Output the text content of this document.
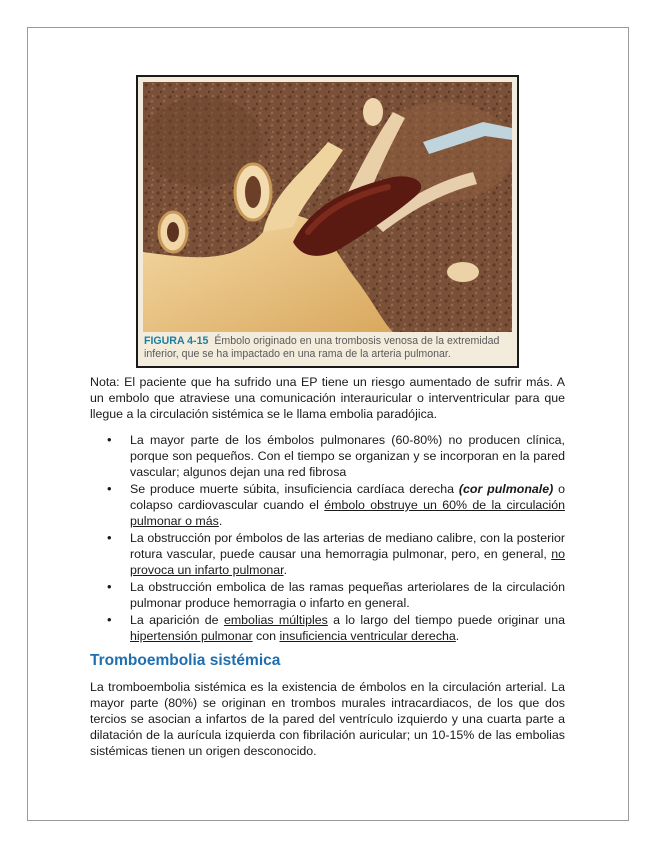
FIGURA 4-15 Émbolo originado en una trombosis venosa de la extremidad inferior, que se ha impactado en una rama de la arteria pulmonar.

Nota: El paciente que ha sufrido una EP tiene un riesgo aumentado de sufrir más. A un embolo que atraviese una comunicación interauricular o interventricular para que llegue a la circulación sistémica se le llama embolia paradójica.

• La mayor parte de los émbolos pulmonares (60-80%) no producen clínica, porque son pequeños. Con el tiempo se organizan y se incorporan en la pared vascular; algunos dejan una red fibrosa
• Se produce muerte súbita, insuficiencia cardíaca derecha (cor pulmonale) o colapso cardiovascular cuando el émbolo obstruye un 60% de la circulación pulmonar o más.
• La obstrucción por émbolos de las arterias de mediano calibre, con la posterior rotura vascular, puede causar una hemorragia pulmonar, pero, en general, no provoca un infarto pulmonar.
• La obstrucción embolica de las ramas pequeñas arteriolares de la circulación pulmonar produce hemorragia o infarto en general.
• La aparición de embolias múltiples a lo largo del tiempo puede originar una hipertensión pulmonar con insuficiencia ventricular derecha.
Tromboembolia sistémica

La tromboembolia sistémica es la existencia de émbolos en la circulación arterial. La mayor parte (80%) se originan en trombos murales intracardiacos, de los que dos tercios se asocian a infartos de la pared del ventrículo izquierdo y una cuarta parte a dilatación de la aurícula izquierda con fibrilación auricular; un 10-15% de las embolias sistémicas tienen un origen desconocido.
